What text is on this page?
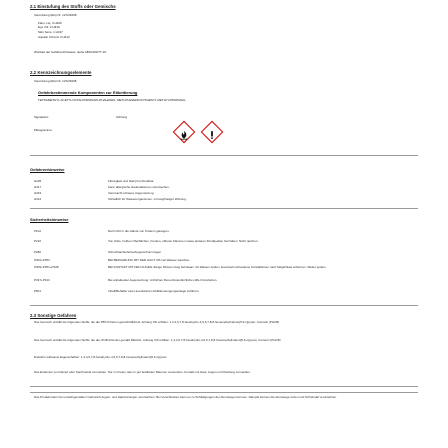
2.1 Einstufung des Stoffs oder Gemischs
Verordnung (EG) Nr. 1272/2008
Flam. Liq. 3 H226
Eye Irrit. 2 H319
Skin Sens. 1 H317
Aquatic Chronic 3 H412
Wortlaut der Gefahrenhinweise: siehe ABSCHNITT 16.
2.2 Kennzeichnungselemente
Verordnung (EG) Nr. 1272/2008
Gefahrbestimmende Komponenten zur Etikettierung
TETRAMETHYL ACETYLOCTAHYDRONAPHTHALENES, METHYLENEDIOXYPHENYL METHYLPROPANAL
Signalwort:	Achtung
Piktogramme:
Gefahrenhinweise
H226	Flüssigkeit und Dampf entzündbar.
H317	Kann allergische Hautreaktionen verursachen.
H319	Verursacht schwere Augenreizung.
H412	Schädlich für Wasserorganismen, mit langfristiger Wirkung.
Sicherheitshinweise
P102	Darf nicht in die Hände von Kindern gelangen.
P210	Von Hitze, heißen Oberflächen, Funken, offenen Flammen sowie anderen Zündquellen fernhalten. Nicht rauchen.
P280	Schutzhandschuhe/Augenschutz tragen.
P302+P352	BEI BERÜHRUNG MIT DER HAUT: Mit viel Wasser waschen.
P305+P351+P338	BEI KONTAKT MIT DEN AUGEN: Einige Minuten lang behutsam mit Wasser spülen. Eventuell vorhandene Kontaktlinsen nach Möglichkeit entfernen. Weiter spülen.
P337+P313	Bei anhaltender Augenreizung: Ärztlichen Rat einholen/ärztliche Hilfe hinzuziehen.
P501	Inhalt/Behälter einer anerkannten Abfallentsorgungsanlage zuführen.
2.3 Sonstige Gefahren
Das Gemisch enthält die folgenden Stoffe, die die PBT-Kriterien gemäß REACH, Anhang XIII erfüllen: 1,3,4,6,7,8-hexahydro-4,6,6,7,8,8-hexamethylindeno[5,6-c]pyran; Cumarin (PHCB)
Das Gemisch enthält die folgenden Stoffe, die die vPvB-Kriterien gemäß REACH, Anhang XIII erfüllen: 1,3,4,6,7,8-hexahydro-4,6,6,7,8,8-hexamethylindeno[5,6-c]pyran; Cumarin (PHCB)
Endokrin wirksame Eigenschaften: 1,3,4,6,7,8-hexahydro-4,6,6,7,8,8-hexamethylindeno[5,6-c]pyran
Das Einatmen von Dampf oder Sprühnebel vermeiden. Nur im Freien oder in gut belüfteten Räumen verwenden. Kontakt mit Haut, Augen und Kleidung vermeiden.
Das Produkt kann bei unsachgemäßem Gebrauch Augen- und Hautreizungen verursachen. Bei Verschlucken kann es zu Schädigungen der Atemwege kommen. Dämpfe können die Atemwege reizen und Schwindel verursachen.
